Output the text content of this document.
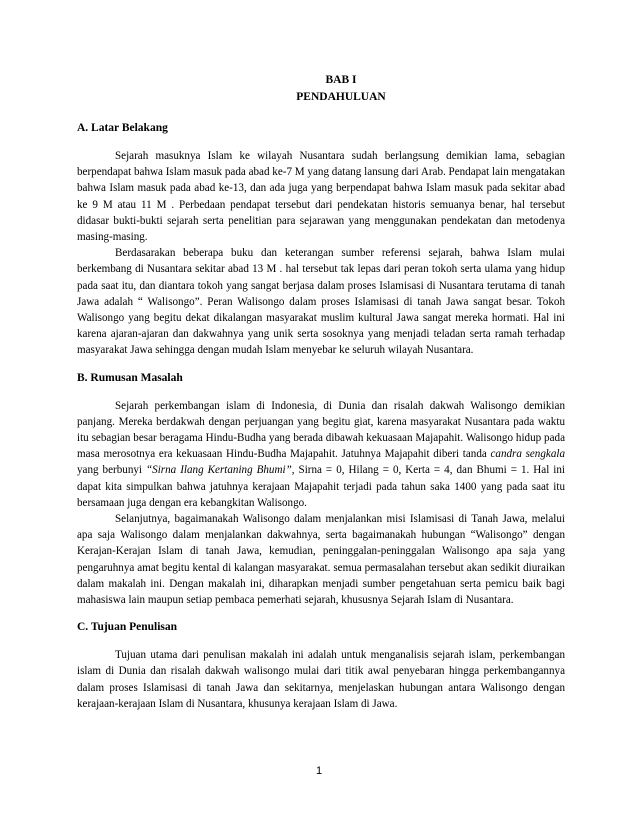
BAB I
PENDAHULUAN
A. Latar Belakang

Sejarah masuknya Islam ke wilayah Nusantara sudah berlangsung demikian lama, sebagian berpendapat bahwa Islam masuk pada abad ke-7 M yang datang lansung dari Arab. Pendapat lain mengatakan bahwa Islam masuk pada abad ke-13, dan ada juga yang berpendapat bahwa Islam masuk pada sekitar abad ke 9 M atau 11 M . Perbedaan pendapat tersebut dari pendekatan historis semuanya benar, hal tersebut didasar bukti-bukti sejarah serta penelitian para sejarawan yang menggunakan pendekatan dan metodenya masing-masing.

Berdasarakan beberapa buku dan keterangan sumber referensi sejarah, bahwa Islam mulai berkembang di Nusantara sekitar abad 13 M . hal tersebut tak lepas dari peran tokoh serta ulama yang hidup pada saat itu, dan diantara tokoh yang sangat berjasa dalam proses Islamisasi di Nusantara terutama di tanah Jawa adalah “ Walisongo”. Peran Walisongo dalam proses Islamisasi di tanah Jawa sangat besar. Tokoh Walisongo yang begitu dekat dikalangan masyarakat muslim kultural Jawa sangat mereka hormati. Hal ini karena ajaran-ajaran dan dakwahnya yang unik serta sosoknya yang menjadi teladan serta ramah terhadap masyarakat Jawa sehingga dengan mudah Islam menyebar ke seluruh wilayah Nusantara.

B. Rumusan Masalah

Sejarah perkembangan islam di Indonesia, di Dunia dan risalah dakwah Walisongo demikian panjang. Mereka berdakwah dengan perjuangan yang begitu giat, karena masyarakat Nusantara pada waktu itu sebagian besar beragama Hindu-Budha yang berada dibawah kekuasaan Majapahit. Walisongo hidup pada masa merosotnya era kekuasaan Hindu-Budha Majapahit. Jatuhnya Majapahit diberi tanda candra sengkala yang berbunyi “Sirna Ilang Kertaning Bhumi”, Sirna = 0, Hilang = 0, Kerta = 4, dan Bhumi = 1. Hal ini dapat kita simpulkan bahwa jatuhnya kerajaan Majapahit terjadi pada tahun saka 1400 yang pada saat itu bersamaan juga dengan era kebangkitan Walisongo.

Selanjutnya, bagaimanakah Walisongo dalam menjalankan misi Islamisasi di Tanah Jawa, melalui apa saja Walisongo dalam menjalankan dakwahnya, serta bagaimanakah hubungan “Walisongo” dengan Kerajan-Kerajan Islam di tanah Jawa, kemudian, peninggalan-peninggalan Walisongo apa saja yang pengaruhnya amat begitu kental di kalangan masyarakat. semua permasalahan tersebut akan sedikit diuraikan dalam makalah ini. Dengan makalah ini, diharapkan menjadi sumber pengetahuan serta pemicu baik bagi mahasiswa lain maupun setiap pembaca pemerhati sejarah, khususnya Sejarah Islam di Nusantara.

C. Tujuan Penulisan

Tujuan utama dari penulisan makalah ini adalah untuk menganalisis sejarah islam, perkembangan islam di Dunia dan risalah dakwah walisongo mulai dari titik awal penyebaran hingga perkembangannya dalam proses Islamisasi di tanah Jawa dan sekitarnya, menjelaskan hubungan antara Walisongo dengan kerajaan-kerajaan Islam di Nusantara, khusunya kerajaan Islam di Jawa.

1
